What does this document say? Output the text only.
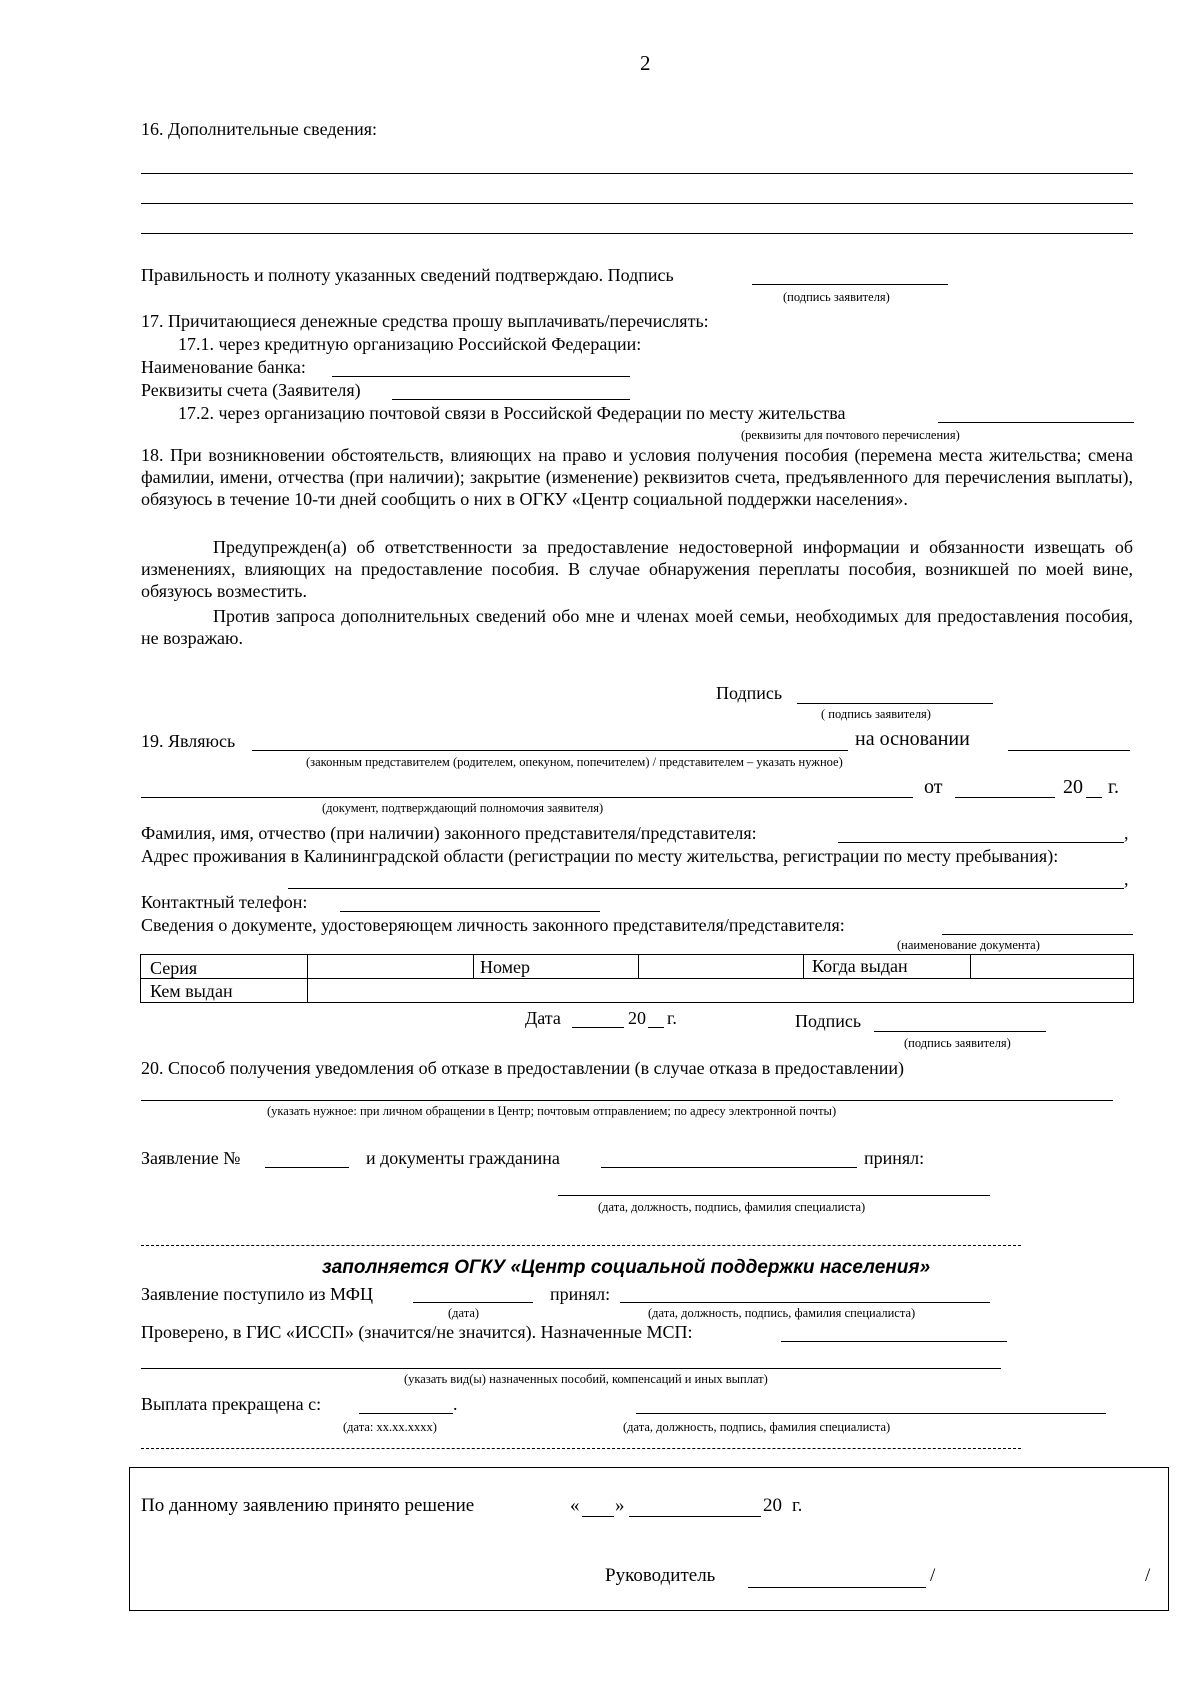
2
16. Дополнительные сведения:
Правильность и полноту указанных сведений подтверждаю. Подпись
(подпись заявителя)
17. Причитающиеся денежные средства прошу выплачивать/перечислять:
17.1. через кредитную организацию Российской Федерации:
Наименование банка:
Реквизиты счета (Заявителя)
17.2. через организацию почтовой связи в Российской Федерации по месту жительства
(реквизиты для почтового перечисления)
18. При возникновении обстоятельств, влияющих на право и условия получения пособия (перемена места жительства; смена фамилии, имени, отчества (при наличии); закрытие (изменение) реквизитов счета, предъявленного для перечисления выплаты), обязуюсь в течение 10-ти дней сообщить о них в ОГКУ «Центр социальной поддержки населения».
Предупрежден(а) об ответственности за предоставление недостоверной информации и обязанности извещать об изменениях, влияющих на предоставление пособия. В случае обнаружения переплаты пособия, возникшей по моей вине, обязуюсь возместить.
Против запроса дополнительных сведений обо мне и членах моей семьи, необходимых для предоставления пособия, не возражаю.
Подпись
( подпись заявителя)
19. Являюсь	на основании
(законным представителем (родителем, опекуном, попечителем) / представителем – указать нужное)
от	20 г.
(документ, подтверждающий полномочия заявителя)
Фамилия, имя, отчество (при наличии) законного представителя/представителя:	,
Адрес проживания в Калининградской области (регистрации по месту жительства, регистрации по месту пребывания):
,
Контактный телефон:
Сведения о документе, удостоверяющем личность законного представителя/представителя:
(наименование документа)
Серия	Номер	Когда выдан
Кем выдан
Дата	20 г.	Подпись
(подпись заявителя)
20. Способ получения уведомления об отказе в предоставлении (в случае отказа в предоставлении)
(указать нужное: при личном обращении в Центр; почтовым отправлением; по адресу электронной почты)
Заявление №	и документы гражданина	принял:
(дата, должность, подпись, фамилия специалиста)
заполняется ОГКУ «Центр социальной поддержки населения»
Заявление поступило из МФЦ	принял:
(дата)	(дата, должность, подпись, фамилия специалиста)
Проверено, в ГИС «ИССП» (значится/не значится). Назначенные МСП:
(указать вид(ы) назначенных пособий, компенсаций и иных выплат)
Выплата прекращена с:	.
(дата: хх.хх.хххх)	(дата, должность, подпись, фамилия специалиста)
По данному заявлению принято решение	« »	20 г.
Руководитель	/	/
